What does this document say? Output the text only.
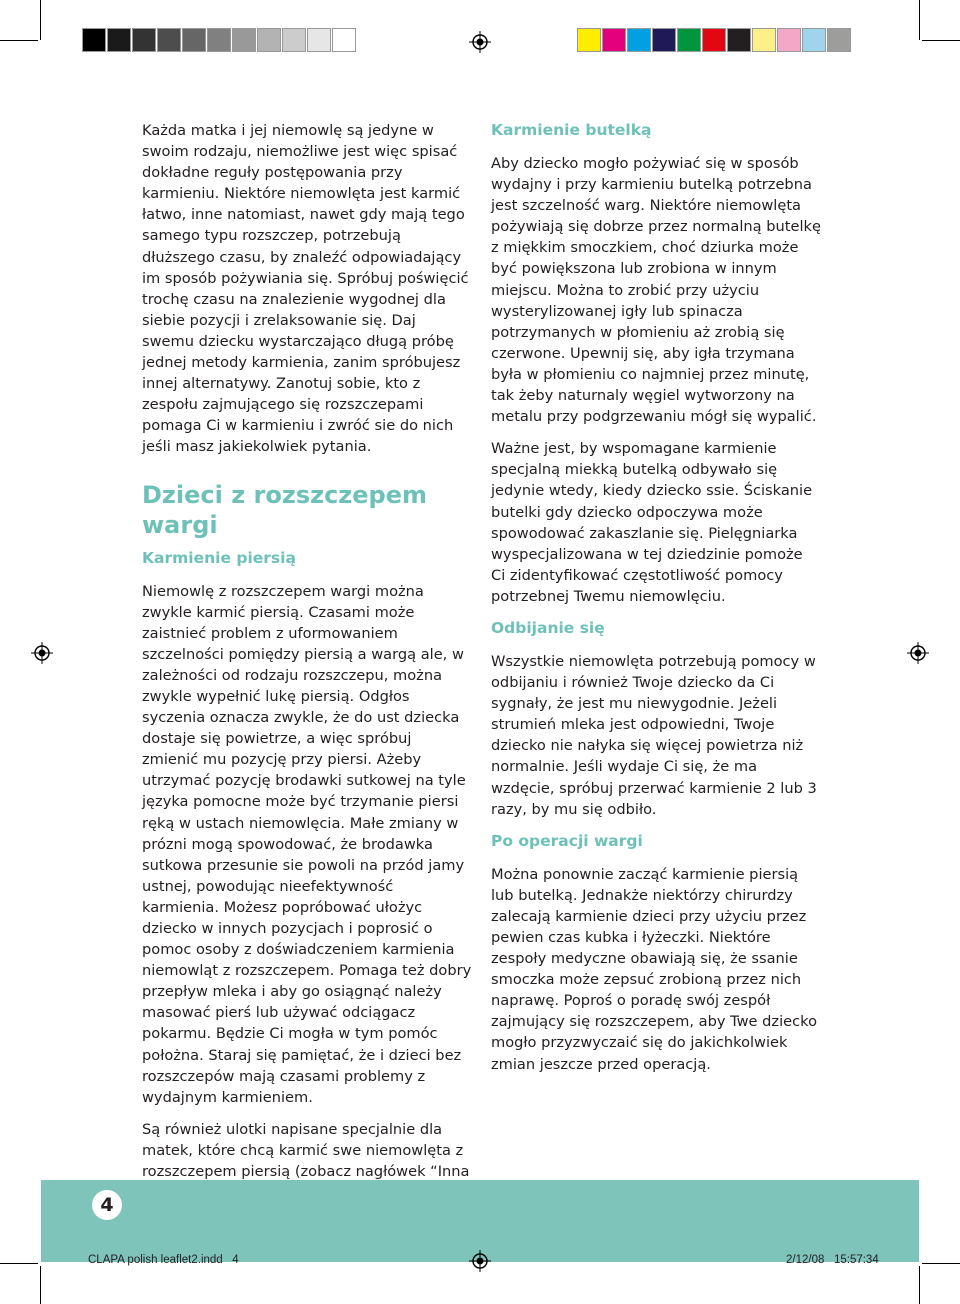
Każda matka i jej niemowlę są jedyne w swoim rodzaju, niemożliwe jest więc spisać dokładne reguły postępowania przy karmieniu. Niektóre niemowlęta jest karmić łatwo, inne natomiast, nawet gdy mają tego samego typu rozszczep, potrzebują dłuższego czasu, by znaleźć odpowiadający im sposób pożywiania się. Spróbuj poświęcić trochę czasu na znalezienie wygodnej dla siebie pozycji i zrelaksowanie się. Daj swemu dziecku wystarczająco długą próbę jednej metody karmienia, zanim spróbujesz innej alternatywy. Zanotuj sobie, kto z zespołu zajmującego się rozszczepami pomaga Ci w karmieniu i zwróć sie do nich jeśli masz jakiekolwiek pytania.

Dzieci z rozszczepem wargi
Karmienie piersią

Niemowlę z rozszczepem wargi można zwykle karmić piersią. Czasami może zaistnieć problem z uformowaniem szczelności pomiędzy piersią a wargą ale, w zależności od rodzaju rozszczepu, można zwykle wypełnić lukę piersią. Odgłos syczenia oznacza zwykle, że do ust dziecka dostaje się powietrze, a więc spróbuj zmienić mu pozycję przy piersi. Ażeby utrzymać pozycję brodawki sutkowej na tyle języka pomocne może być trzymanie piersi ręką w ustach niemowlęcia. Małe zmiany w prózni mogą spowodować, że brodawka sutkowa przesunie sie powoli na przód jamy ustnej, powodując nieefektywność karmienia. Możesz popróbować ułożyc dziecko w innych pozycjach i poprosić o pomoc osoby z doświadczeniem karmienia niemowląt z rozszczepem. Pomaga też dobry przepływ mleka i aby go osiągnąć należy masować pierś lub używać odciągacz pokarmu. Będzie Ci mogła w tym pomóc położna. Staraj się pamiętać, że i dzieci bez rozszczepów mają czasami problemy z wydajnym karmieniem.

Są również ulotki napisane specjalnie dla matek, które chcą karmić swe niemowlęta z rozszczepem piersią (zobacz nagłówek “Inna

Karmienie butelką

Aby dziecko mogło pożywiać się w sposób wydajny i przy karmieniu butelką potrzebna jest szczelność warg. Niektóre niemowlęta pożywiają się dobrze przez normalną butelkę z miękkim smoczkiem, choć dziurka może być powiększona lub zrobiona w innym miejscu. Można to zrobić przy użyciu wysterylizowanej igły lub spinacza potrzymanych w płomieniu aż zrobią się czerwone. Upewnij się, aby igła trzymana była w płomieniu co najmniej przez minutę, tak żeby naturnaly węgiel wytworzony na metalu przy podgrzewaniu mógł się wypalić.

Ważne jest, by wspomagane karmienie specjalną miekką butelką odbywało się jedynie wtedy, kiedy dziecko ssie. Ściskanie butelki gdy dziecko odpoczywa może spowodować zakaszlanie się. Pielęgniarka wyspecjalizowana w tej dziedzinie pomoże Ci zidentyfikować częstotliwość pomocy potrzebnej Twemu niemowlęciu.

Odbijanie się

Wszystkie niemowlęta potrzebują pomocy w odbijaniu i również Twoje dziecko da Ci sygnały, że jest mu niewygodnie. Jeżeli strumień mleka jest odpowiedni, Twoje dziecko nie nałyka się więcej powietrza niż normalnie. Jeśli wydaje Ci się, że ma wzdęcie, spróbuj przerwać karmienie 2 lub 3 razy, by mu się odbiło.

Po operacji wargi

Można ponownie zacząć karmienie piersią lub butelką. Jednakże niektórzy chirurdzy zalecają karmienie dzieci przy użyciu przez pewien czas kubka i łyżeczki. Niektóre zespoły medyczne obawiają się, że ssanie smoczka może zepsuć zrobioną przez nich naprawę. Poproś o poradę swój zespół zajmujący się rozszczepem, aby Twe dziecko mogło przyzwyczaić się do jakichkolwiek zmian jeszcze przed operacją.

4
CLAPA polish leaflet2.indd   4	2/12/08   15:57:34
